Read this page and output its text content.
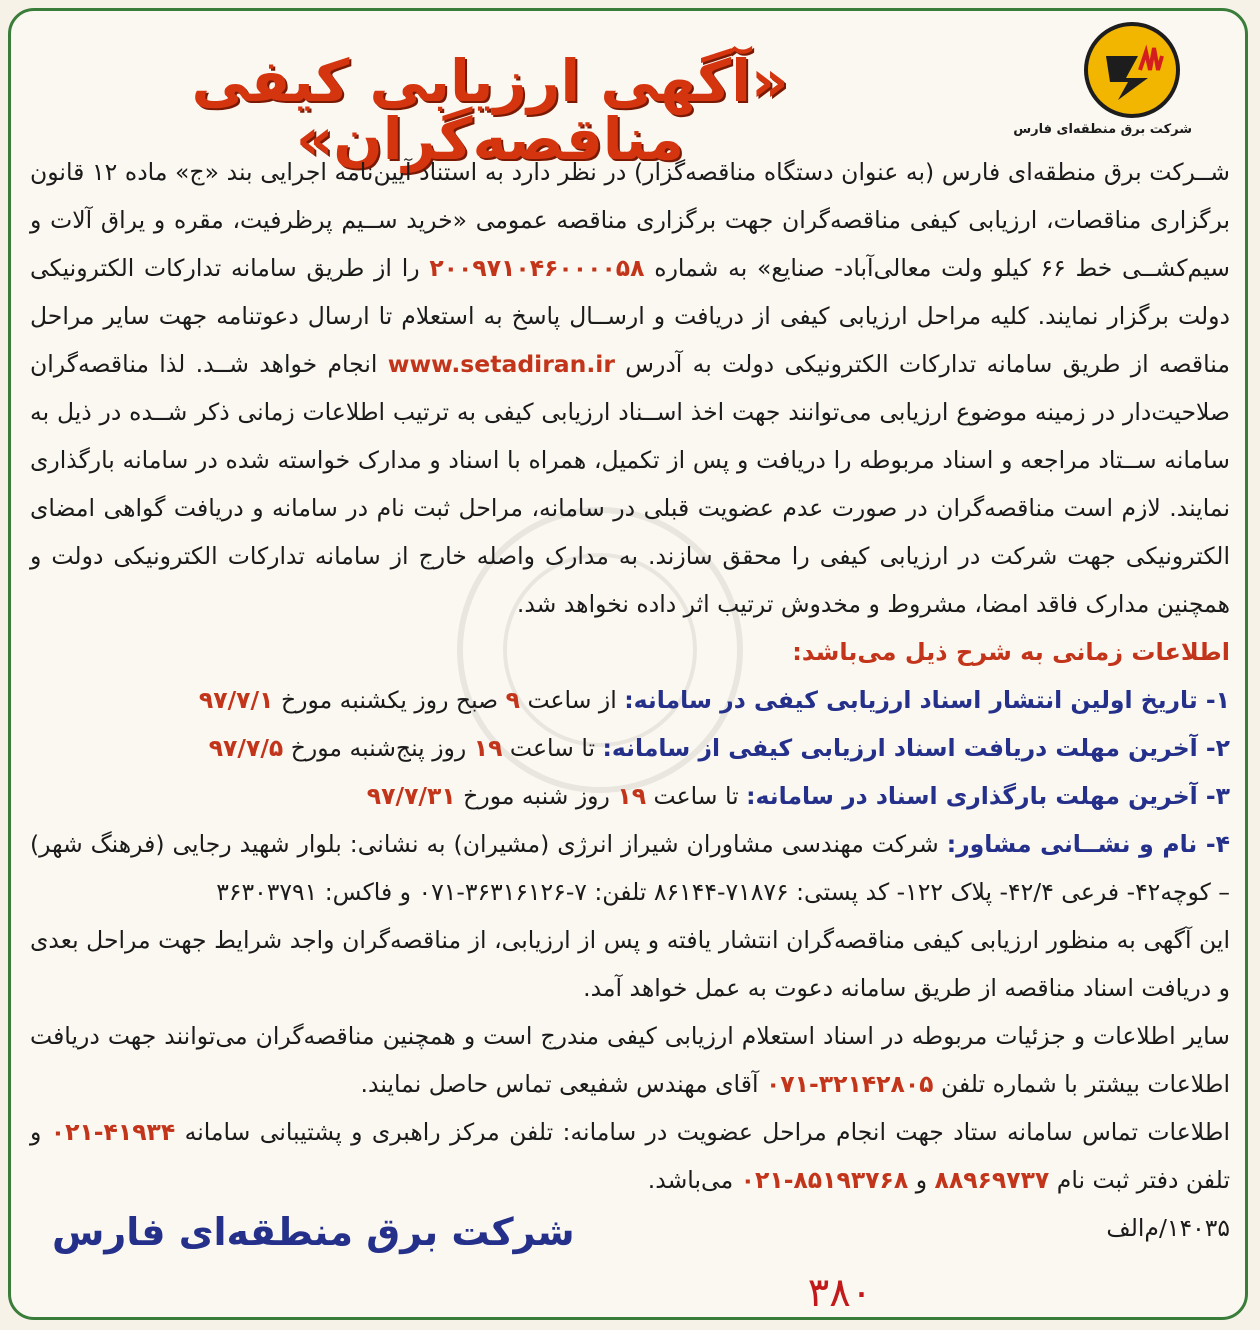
شرکت برق منطقه‌ای فارس
«آگهی ارزیابی کیفی مناقصه‌گران»
شــرکت برق منطقه‌ای فارس (به عنوان دستگاه مناقصه‌گزار) در نظر دارد به استناد آیین‌نامه اجرایی بند «ج» ماده ۱۲ قانون برگزاری مناقصات، ارزیابی کیفی مناقصه‌گران جهت برگزاری مناقصه عمومی «خرید ســیم پرظرفیت، مقره و یراق آلات و سیم‌کشــی خط ۶۶ کیلو ولت معالی‌آباد- صنایع» به شماره ۲۰۰۹۷۱۰۴۶۰۰۰۰۵۸ را از طریق سامانه تدارکات الکترونیکی دولت برگزار نمایند. کلیه مراحل ارزیابی کیفی از دریافت و ارســال پاسخ به استعلام تا ارسال دعوتنامه جهت سایر مراحل مناقصه از طریق سامانه تدارکات الکترونیکی دولت به آدرس www.setadiran.ir انجام خواهد شــد. لذا مناقصه‌گران صلاحیت‌دار در زمینه موضوع ارزیابی می‌توانند جهت اخذ اســناد ارزیابی کیفی به ترتیب اطلاعات زمانی ذکر شــده در ذیل به سامانه ســتاد مراجعه و اسناد مربوطه را دریافت و پس از تکمیل، همراه با اسناد و مدارک خواسته شده در سامانه بارگذاری نمایند. لازم است مناقصه‌گران در صورت عدم عضویت قبلی در سامانه، مراحل ثبت نام در سامانه و دریافت گواهی امضای الکترونیکی جهت شرکت در ارزیابی کیفی را محقق سازند. به مدارک واصله خارج از سامانه تدارکات الکترونیکی دولت و همچنین مدارک فاقد امضا، مشروط و مخدوش ترتیب اثر داده نخواهد شد.
اطلاعات زمانی به شرح ذیل می‌باشد:
۱- تاریخ اولین انتشار اسناد ارزیابی کیفی در سامانه: از ساعت ۹ صبح روز یکشنبه مورخ ۹۷/۷/۱
۲- آخرین مهلت دریافت اسناد ارزیابی کیفی از سامانه: تا ساعت ۱۹ روز پنج‌شنبه مورخ ۹۷/۷/۵
۳- آخرین مهلت بارگذاری اسناد در سامانه: تا ساعت ۱۹ روز شنبه مورخ ۹۷/۷/۳۱
۴- نام و نشــانی مشاور: شرکت مهندسی مشاوران شیراز انرژی (مشیران) به نشانی: بلوار شهید رجایی (فرهنگ شهر) – کوچه۴۲- فرعی ۴۲/۴- پلاک ۱۲۲- کد پستی: ۷۱۸۷۶-۸۶۱۴۴ تلفن: ۷-۳۶۳۱۶۱۲۶-۰۷۱ و فاکس: ۳۶۳۰۳۷۹۱
این آگهی به منظور ارزیابی کیفی مناقصه‌گران انتشار یافته و پس از ارزیابی، از مناقصه‌گران واجد شرایط جهت مراحل بعدی و دریافت اسناد مناقصه از طریق سامانه دعوت به عمل خواهد آمد.
سایر اطلاعات و جزئیات مربوطه در اسناد استعلام ارزیابی کیفی مندرج است و همچنین مناقصه‌گران می‌توانند جهت دریافت اطلاعات بیشتر با شماره تلفن ۳۲۱۴۲۸۰۵-۰۷۱ آقای مهندس شفیعی تماس حاصل نمایند.
اطلاعات تماس سامانه ستاد جهت انجام مراحل عضویت در سامانه: تلفن مرکز راهبری و پشتیبانی سامانه ۴۱۹۳۴-۰۲۱ و تلفن دفتر ثبت نام ۸۸۹۶۹۷۳۷ و ۸۵۱۹۳۷۶۸-۰۲۱ می‌باشد.
۱۴۰۳۵/م‌الف
شرکت برق منطقه‌ای فارس
۳۸۰
